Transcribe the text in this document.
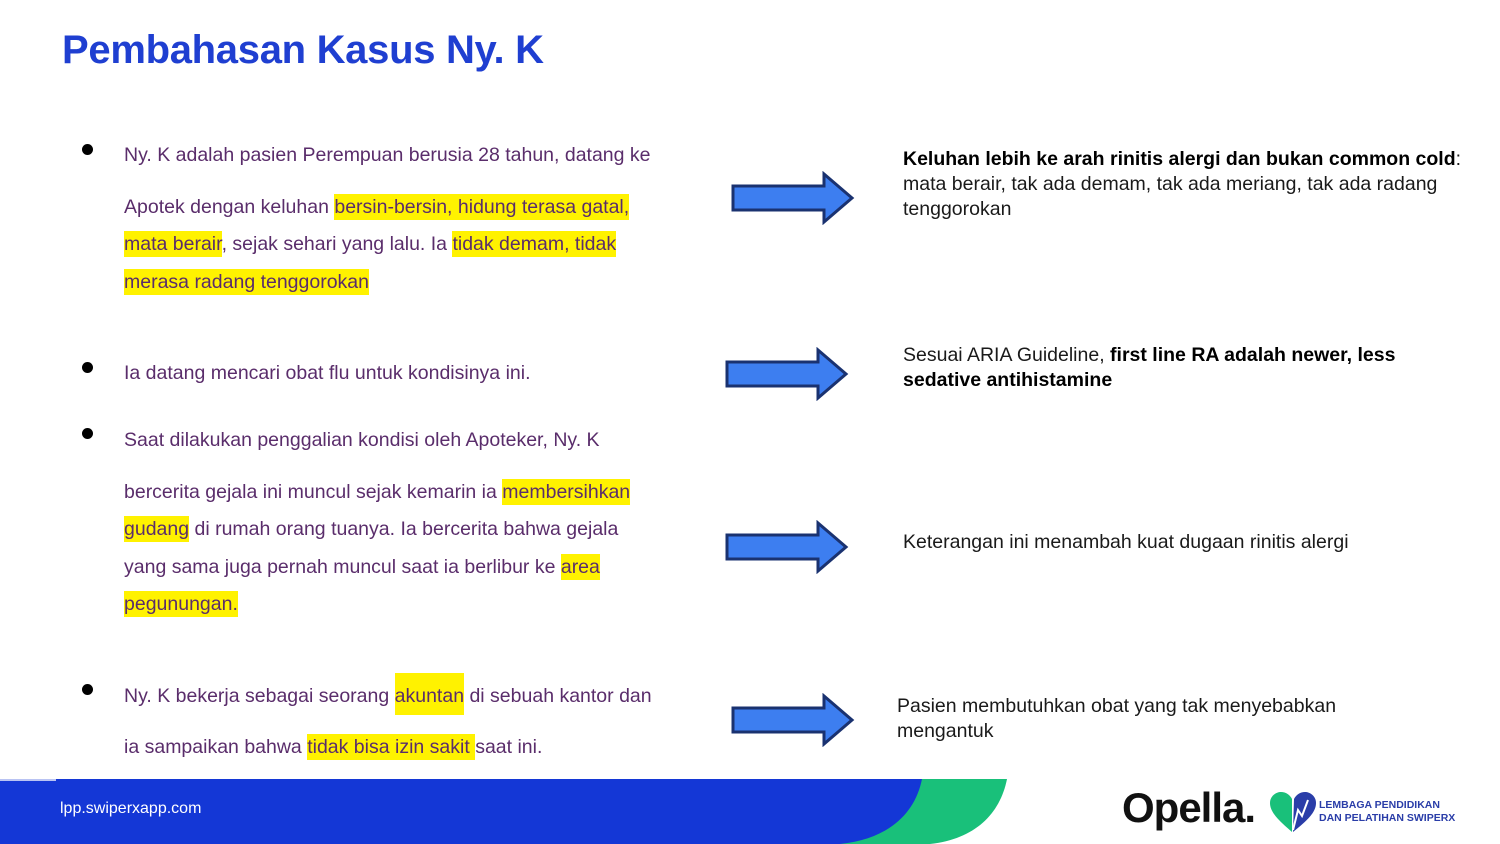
Pembahasan Kasus Ny. K
Ny. K adalah pasien Perempuan berusia 28 tahun, datang ke
Apotek dengan keluhan bersin-bersin, hidung terasa gatal,
mata berair, sejak sehari yang lalu. Ia tidak demam, tidak
merasa radang tenggorokan
Ia datang mencari obat flu untuk kondisinya ini.
Saat dilakukan penggalian kondisi oleh Apoteker, Ny. K
bercerita gejala ini muncul sejak kemarin ia membersihkan
gudang di rumah orang tuanya. Ia bercerita bahwa gejala
yang sama juga pernah muncul saat ia berlibur ke area
pegunungan.
Ny. K bekerja sebagai seorang akuntan di sebuah kantor dan
ia sampaikan bahwa tidak bisa izin sakit saat ini.
Keluhan lebih ke arah rinitis alergi dan bukan common cold: mata berair, tak ada demam, tak ada meriang, tak ada radang tenggorokan
Sesuai ARIA Guideline, first line RA adalah newer, less sedative antihistamine
Keterangan ini menambah kuat dugaan rinitis alergi
Pasien membutuhkan obat yang tak menyebabkan mengantuk
lpp.swiperxapp.com	Opella.	LEMBAGA PENDIDIKAN
DAN PELATIHAN SWIPERX
